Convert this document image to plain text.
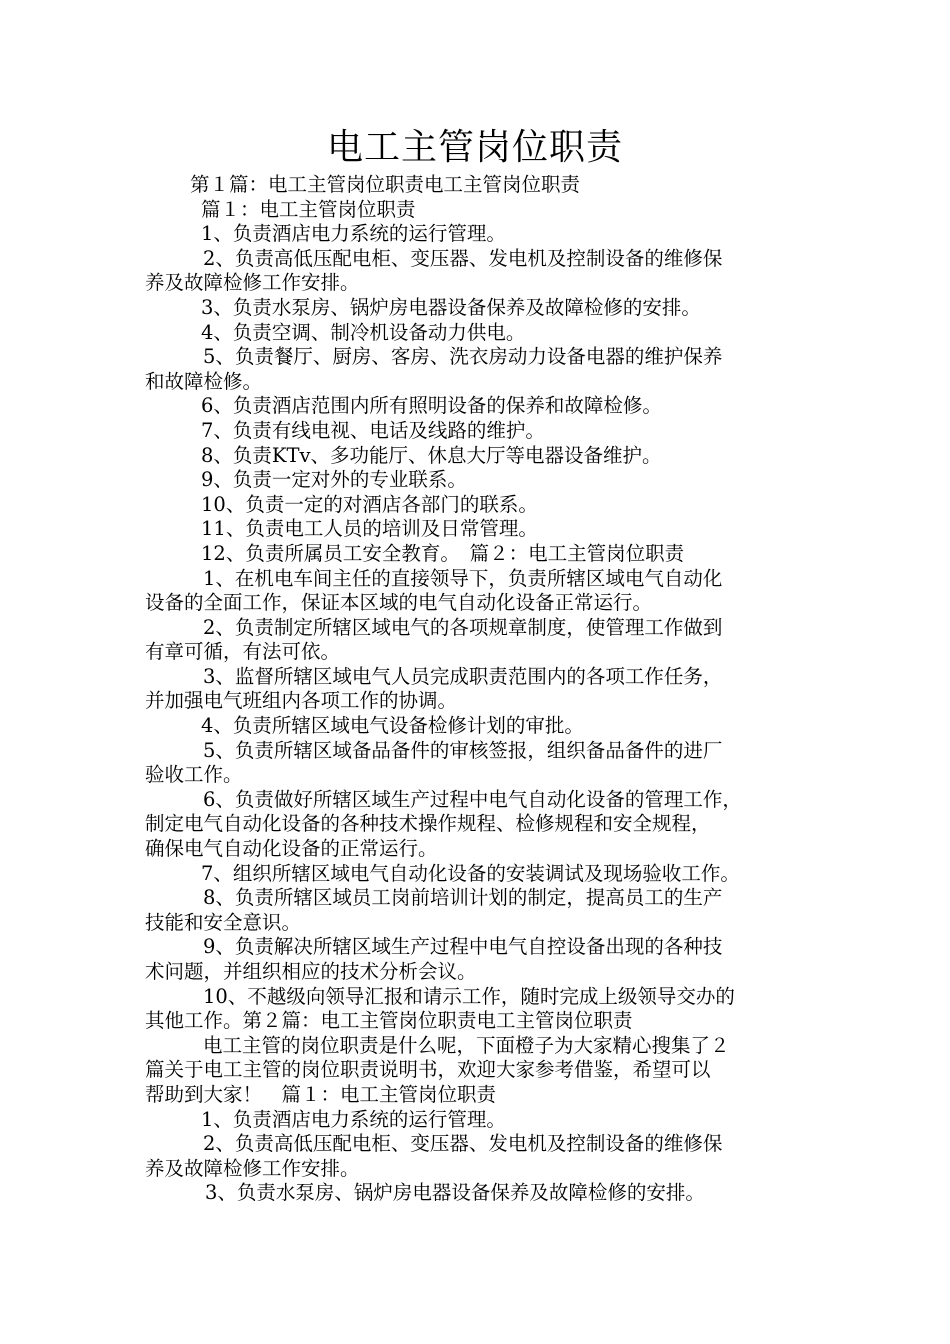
电工主管岗位职责

第１篇：电工主管岗位职责电工主管岗位职责

篇１：电工主管岗位职责

1、负责酒店电力系统的运行管理。

2、负责高低压配电柜、变压器、发电机及控制设备的维修保

养及故障检修工作安排。

3、负责水泵房、锅炉房电器设备保养及故障检修的安排。

4、负责空调、制冷机设备动力供电。

5、负责餐厅、厨房、客房、洗衣房动力设备电器的维护保养

和故障检修。

6、负责酒店范围内所有照明设备的保养和故障检修。

7、负责有线电视、电话及线路的维护。

8、负责KTv、多功能厅、休息大厅等电器设备维护。

9、负责一定对外的专业联系。

10、负责一定的对酒店各部门的联系。

11、负责电工人员的培训及日常管理。

12、负责所属员工安全教育。　篇２：电工主管岗位职责

1、在机电车间主任的直接领导下，负责所辖区域电气自动化

设备的全面工作，保证本区域的电气自动化设备正常运行。

2、负责制定所辖区域电气的各项规章制度，使管理工作做到

有章可循，有法可依。

3、监督所辖区域电气人员完成职责范围内的各项工作任务，

并加强电气班组内各项工作的协调。

4、负责所辖区域电气设备检修计划的审批。

5、负责所辖区域备品备件的审核签报，组织备品备件的进厂

验收工作。

6、负责做好所辖区域生产过程中电气自动化设备的管理工作，

制定电气自动化设备的各种技术操作规程、检修规程和安全规程，

确保电气自动化设备的正常运行。

7、组织所辖区域电气自动化设备的安装调试及现场验收工作。

8、负责所辖区域员工岗前培训计划的制定，提高员工的生产

技能和安全意识。

9、负责解决所辖区域生产过程中电气自控设备出现的各种技

术问题，并组织相应的技术分析会议。

10、不越级向领导汇报和请示工作，随时完成上级领导交办的

其他工作。第２篇：电工主管岗位职责电工主管岗位职责

电工主管的岗位职责是什么呢，下面橙子为大家精心搜集了２

篇关于电工主管的岗位职责说明书，欢迎大家参考借鉴，希望可以

帮助到大家！　篇１：电工主管岗位职责

1、负责酒店电力系统的运行管理。

2、负责高低压配电柜、变压器、发电机及控制设备的维修保

养及故障检修工作安排。

3、负责水泵房、锅炉房电器设备保养及故障检修的安排。
